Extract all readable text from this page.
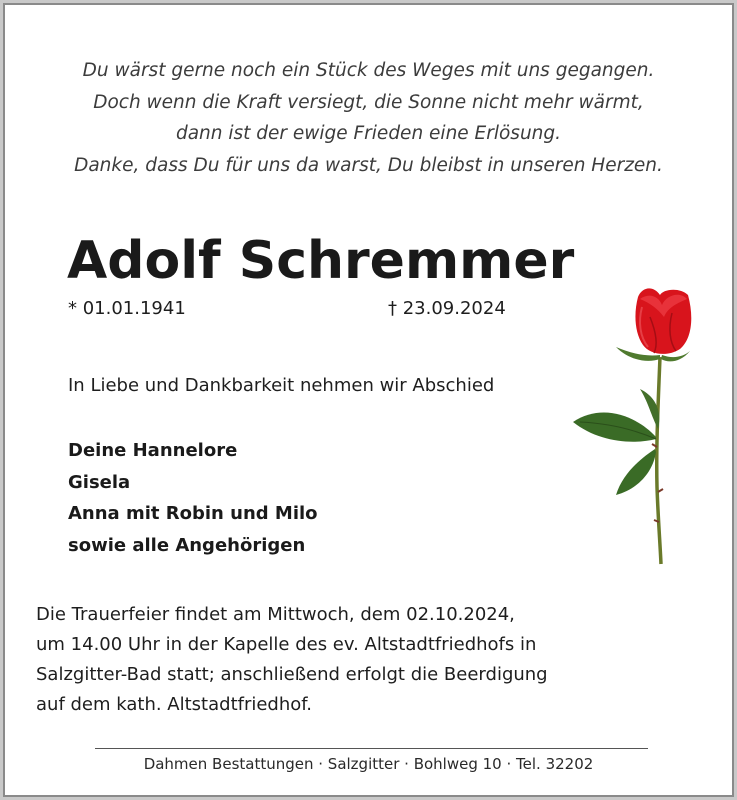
Du wärst gerne noch ein Stück des Weges mit uns gegangen.
Doch wenn die Kraft versiegt, die Sonne nicht mehr wärmt,
dann ist der ewige Frieden eine Erlösung.
Danke, dass Du für uns da warst, Du bleibst in unseren Herzen.
Adolf Schremmer
* 01.01.1941	† 23.09.2024
In Liebe und Dankbarkeit nehmen wir Abschied
Deine Hannelore
Gisela
Anna mit Robin und Milo
sowie alle Angehörigen
Die Trauerfeier findet am Mittwoch, dem 02.10.2024,
um 14.00 Uhr in der Kapelle des ev. Altstadtfriedhofs in
Salzgitter-Bad statt; anschließend erfolgt die Beerdigung
auf dem kath. Altstadtfriedhof.
Dahmen Bestattungen · Salzgitter · Bohlweg 10 · Tel. 32202
